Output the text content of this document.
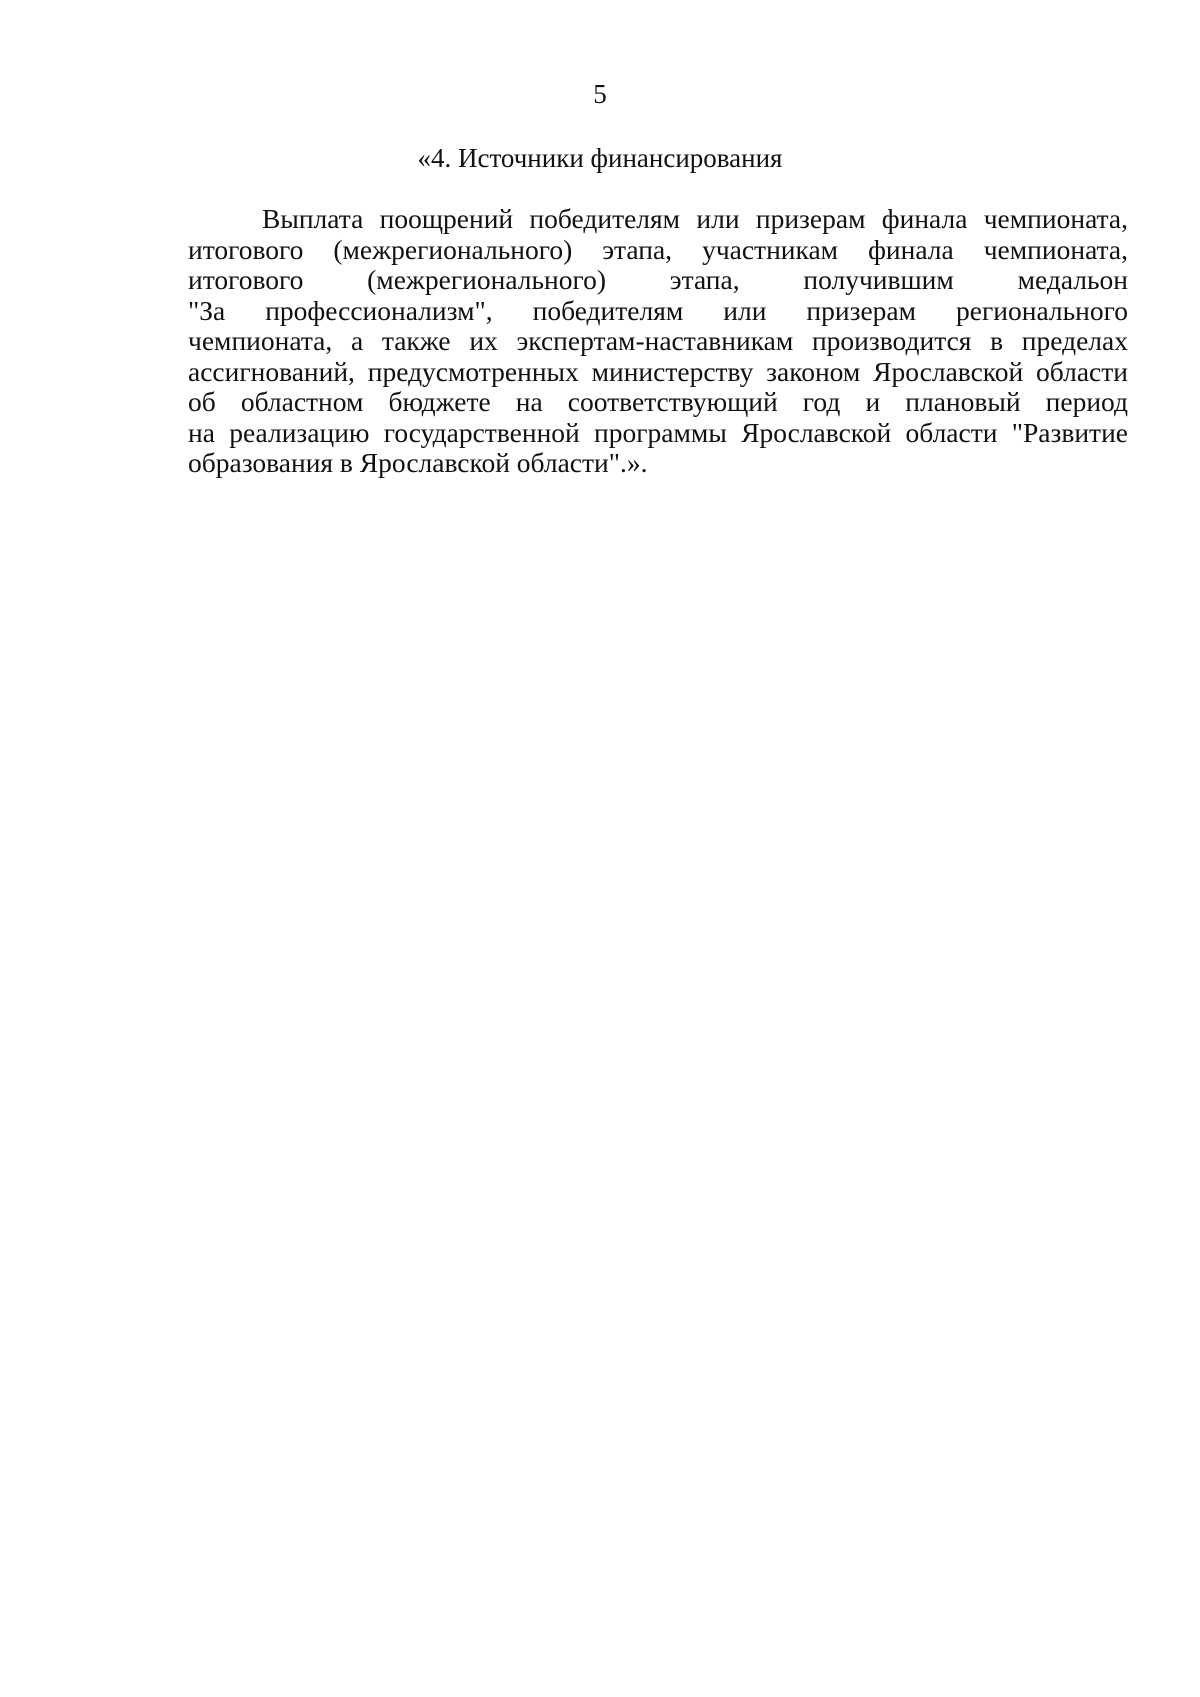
5
«4. Источники финансирования
Выплата поощрений победителям или призерам финала чемпионата,
итогового (межрегионального) этапа, участникам финала чемпионата,
итогового (межрегионального) этапа, получившим медальон
"За профессионализм", победителям или призерам регионального
чемпионата, а также их экспертам-наставникам производится в пределах
ассигнований, предусмотренных министерству законом Ярославской области
об областном бюджете на соответствующий год и плановый период
на реализацию государственной программы Ярославской области "Развитие
образования в Ярославской области".».
